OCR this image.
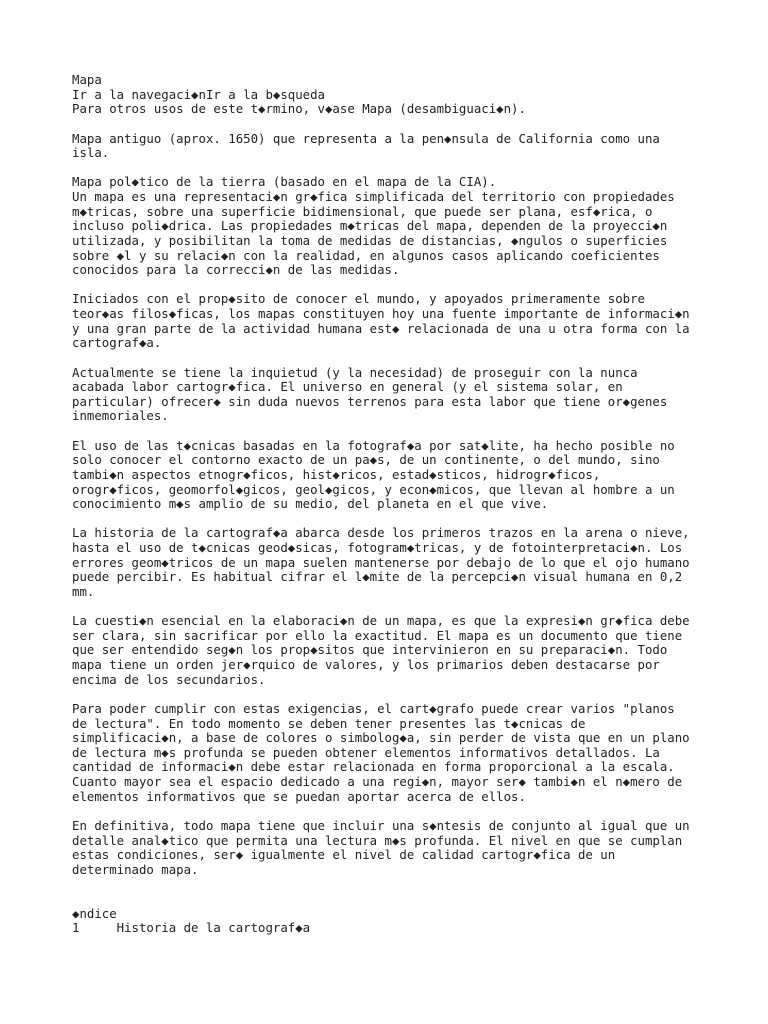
Mapa
Ir a la navegaci◆nIr a la b◆squeda
Para otros usos de este t◆rmino, v◆ase Mapa (desambiguaci◆n).
Mapa antiguo (aprox. 1650) que representa a la pen◆nsula de California como una
isla.
Mapa pol◆tico de la tierra (basado en el mapa de la CIA).
Un mapa es una representaci◆n gr◆fica simplificada del territorio con propiedades
m◆tricas, sobre una superficie bidimensional, que puede ser plana, esf◆rica, o
incluso poli◆drica. Las propiedades m◆tricas del mapa, dependen de la proyecci◆n
utilizada, y posibilitan la toma de medidas de distancias, ◆ngulos o superficies
sobre ◆l y su relaci◆n con la realidad, en algunos casos aplicando coeficientes
conocidos para la correcci◆n de las medidas.
Iniciados con el prop◆sito de conocer el mundo, y apoyados primeramente sobre
teor◆as filos◆ficas, los mapas constituyen hoy una fuente importante de informaci◆n
y una gran parte de la actividad humana est◆ relacionada de una u otra forma con la
cartograf◆a.
Actualmente se tiene la inquietud (y la necesidad) de proseguir con la nunca
acabada labor cartogr◆fica. El universo en general (y el sistema solar, en
particular) ofrecer◆ sin duda nuevos terrenos para esta labor que tiene or◆genes
inmemoriales.
El uso de las t◆cnicas basadas en la fotograf◆a por sat◆lite, ha hecho posible no
solo conocer el contorno exacto de un pa◆s, de un continente, o del mundo, sino
tambi◆n aspectos etnogr◆ficos, hist◆ricos, estad◆sticos, hidrogr◆ficos,
orogr◆ficos, geomorfol◆gicos, geol◆gicos, y econ◆micos, que llevan al hombre a un
conocimiento m◆s amplio de su medio, del planeta en el que vive.
La historia de la cartograf◆a abarca desde los primeros trazos en la arena o nieve,
hasta el uso de t◆cnicas geod◆sicas, fotogram◆tricas, y de fotointerpretaci◆n. Los
errores geom◆tricos de un mapa suelen mantenerse por debajo de lo que el ojo humano
puede percibir. Es habitual cifrar el l◆mite de la percepci◆n visual humana en 0,2
mm.
La cuesti◆n esencial en la elaboraci◆n de un mapa, es que la expresi◆n gr◆fica debe
ser clara, sin sacrificar por ello la exactitud. El mapa es un documento que tiene
que ser entendido seg◆n los prop◆sitos que intervinieron en su preparaci◆n. Todo
mapa tiene un orden jer◆rquico de valores, y los primarios deben destacarse por
encima de los secundarios.
Para poder cumplir con estas exigencias, el cart◆grafo puede crear varios "planos
de lectura". En todo momento se deben tener presentes las t◆cnicas de
simplificaci◆n, a base de colores o simbolog◆a, sin perder de vista que en un plano
de lectura m◆s profunda se pueden obtener elementos informativos detallados. La
cantidad de informaci◆n debe estar relacionada en forma proporcional a la escala.
Cuanto mayor sea el espacio dedicado a una regi◆n, mayor ser◆ tambi◆n el n◆mero de
elementos informativos que se puedan aportar acerca de ellos.
En definitiva, todo mapa tiene que incluir una s◆ntesis de conjunto al igual que un
detalle anal◆tico que permita una lectura m◆s profunda. El nivel en que se cumplan
estas condiciones, ser◆ igualmente el nivel de calidad cartogr◆fica de un
determinado mapa.
◆ndice
1	Historia de la cartograf◆a
